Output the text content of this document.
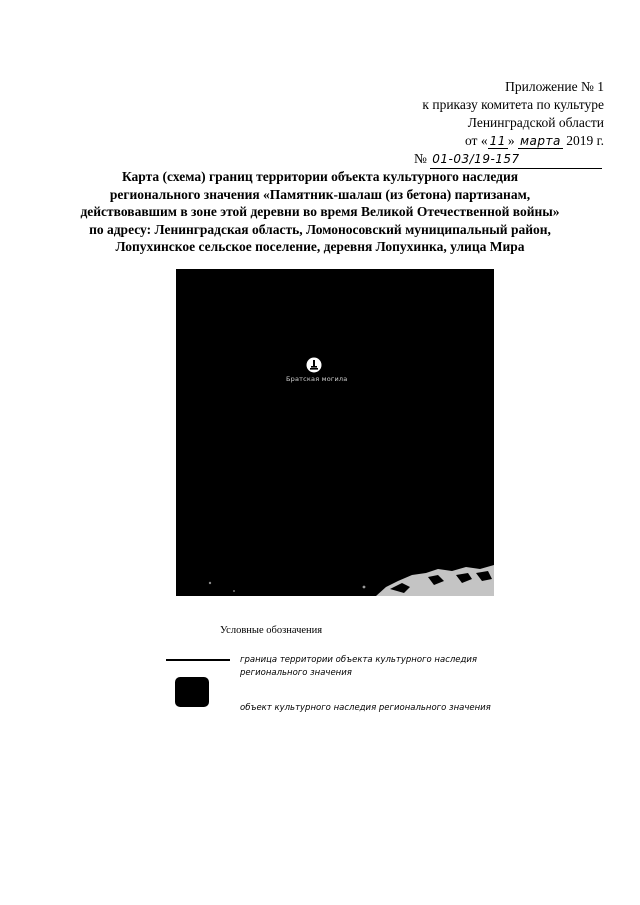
Приложение № 1
к приказу комитета по культуре
Ленинградской области
от « 11 » марта 2019 г.
№ 01-03/19-157
Карта (схема) границ территории объекта культурного наследия
регионального значения «Памятник-шалаш (из бетона) партизанам,
действовавшим в зоне этой деревни во время Великой Отечественной войны»
по адресу: Ленинградская область, Ломоносовский муниципальный район,
Лопухинское сельское поселение, деревня Лопухинка, улица Мира
Братская могила
Условные обозначения
граница территории объекта культурного наследия
регионального значения
объект культурного наследия регионального значения
